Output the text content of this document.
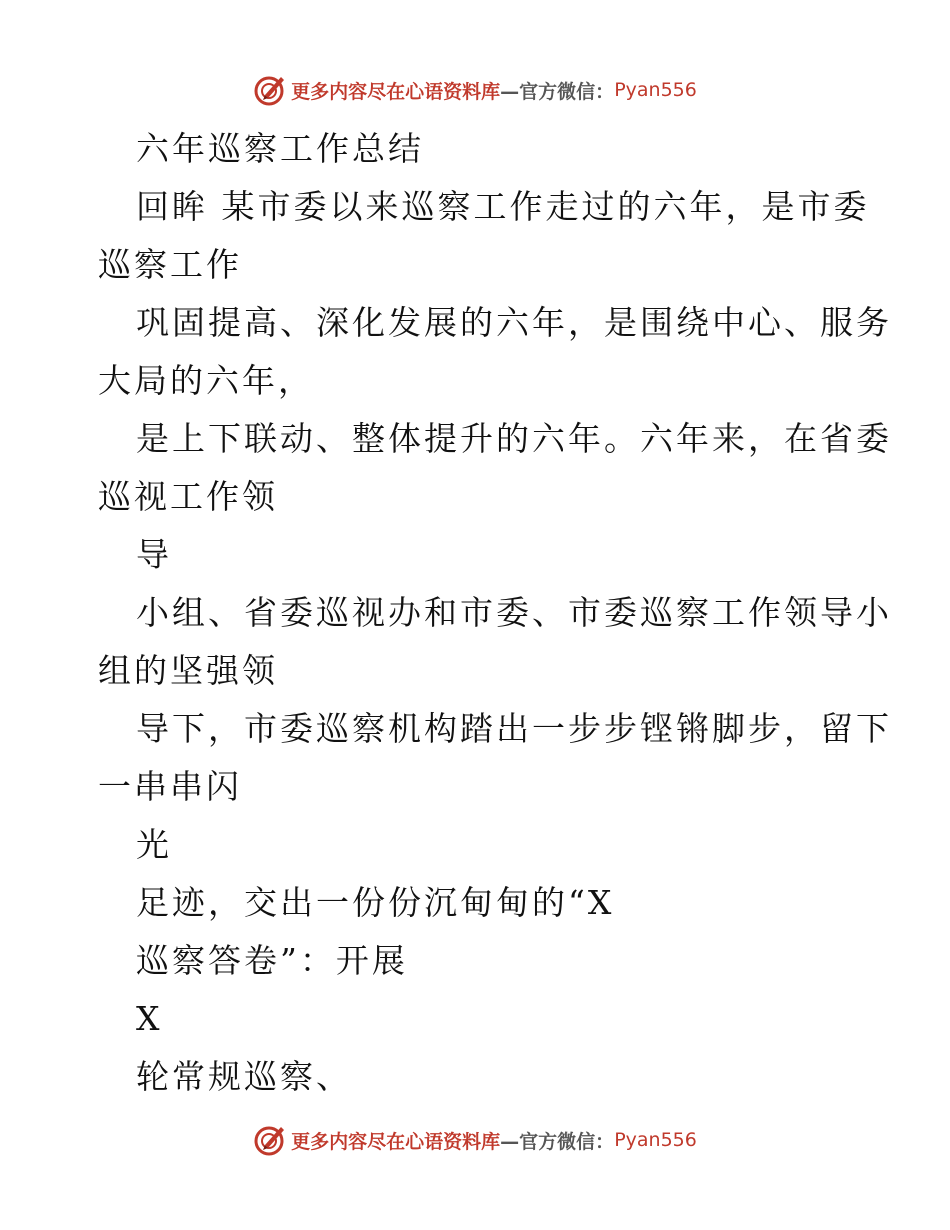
更多内容尽在心语资料库 —官方微信： Pyan556
六年巡察工作总结
回眸 某市委以来巡察工作走过的六年，是市委
巡察工作
巩固提高、深化发展的六年，是围绕中心、服务
大局的六年，
是上下联动、整体提升的六年。六年来，在省委
巡视工作领
导
小组、省委巡视办和市委、市委巡察工作领导小
组的坚强领
导下，市委巡察机构踏出一步步铿锵脚步，留下
一串串闪
光
足迹，交出一份份沉甸甸的“X
巡察答卷”：开展
X
轮常规巡察、
更多内容尽在心语资料库 —官方微信： Pyan556
